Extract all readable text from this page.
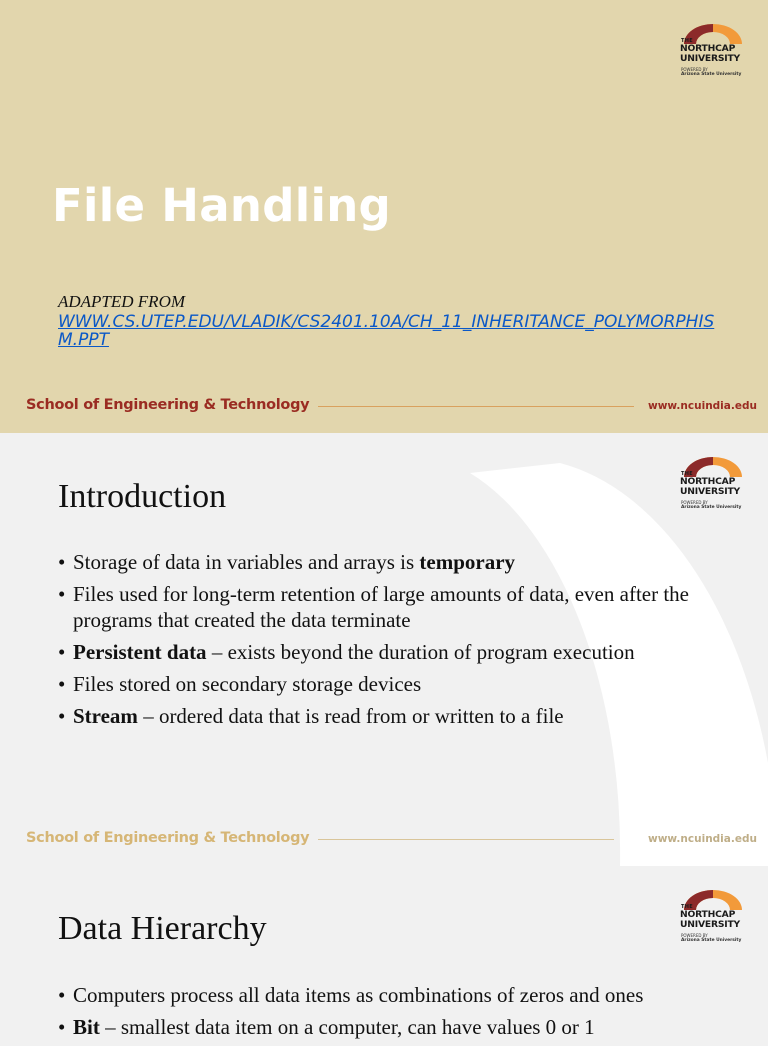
THE
NORTHCAP
UNIVERSITY
POWERED BY
Arizona State University
File Handling
ADAPTED FROM
WWW.CS.UTEP.EDU/VLADIK/CS2401.10A/CH_11_INHERITANCE_POLYMORPHISM.PPT
School of Engineering & Technology	www.ncuindia.edu
THE
NORTHCAP
UNIVERSITY
POWERED BY
Arizona State University
Introduction
• Storage of data in variables and arrays is temporary
• Files used for long-term retention of large amounts of data, even after the programs that created the data terminate
• Persistent data – exists beyond the duration of program execution
• Files stored on secondary storage devices
• Stream – ordered data that is read from or written to a file
School of Engineering & Technology	www.ncuindia.edu
THE
NORTHCAP
UNIVERSITY
POWERED BY
Arizona State University
Data Hierarchy
• Computers process all data items as combinations of zeros and ones
• Bit – smallest data item on a computer, can have values 0 or 1
